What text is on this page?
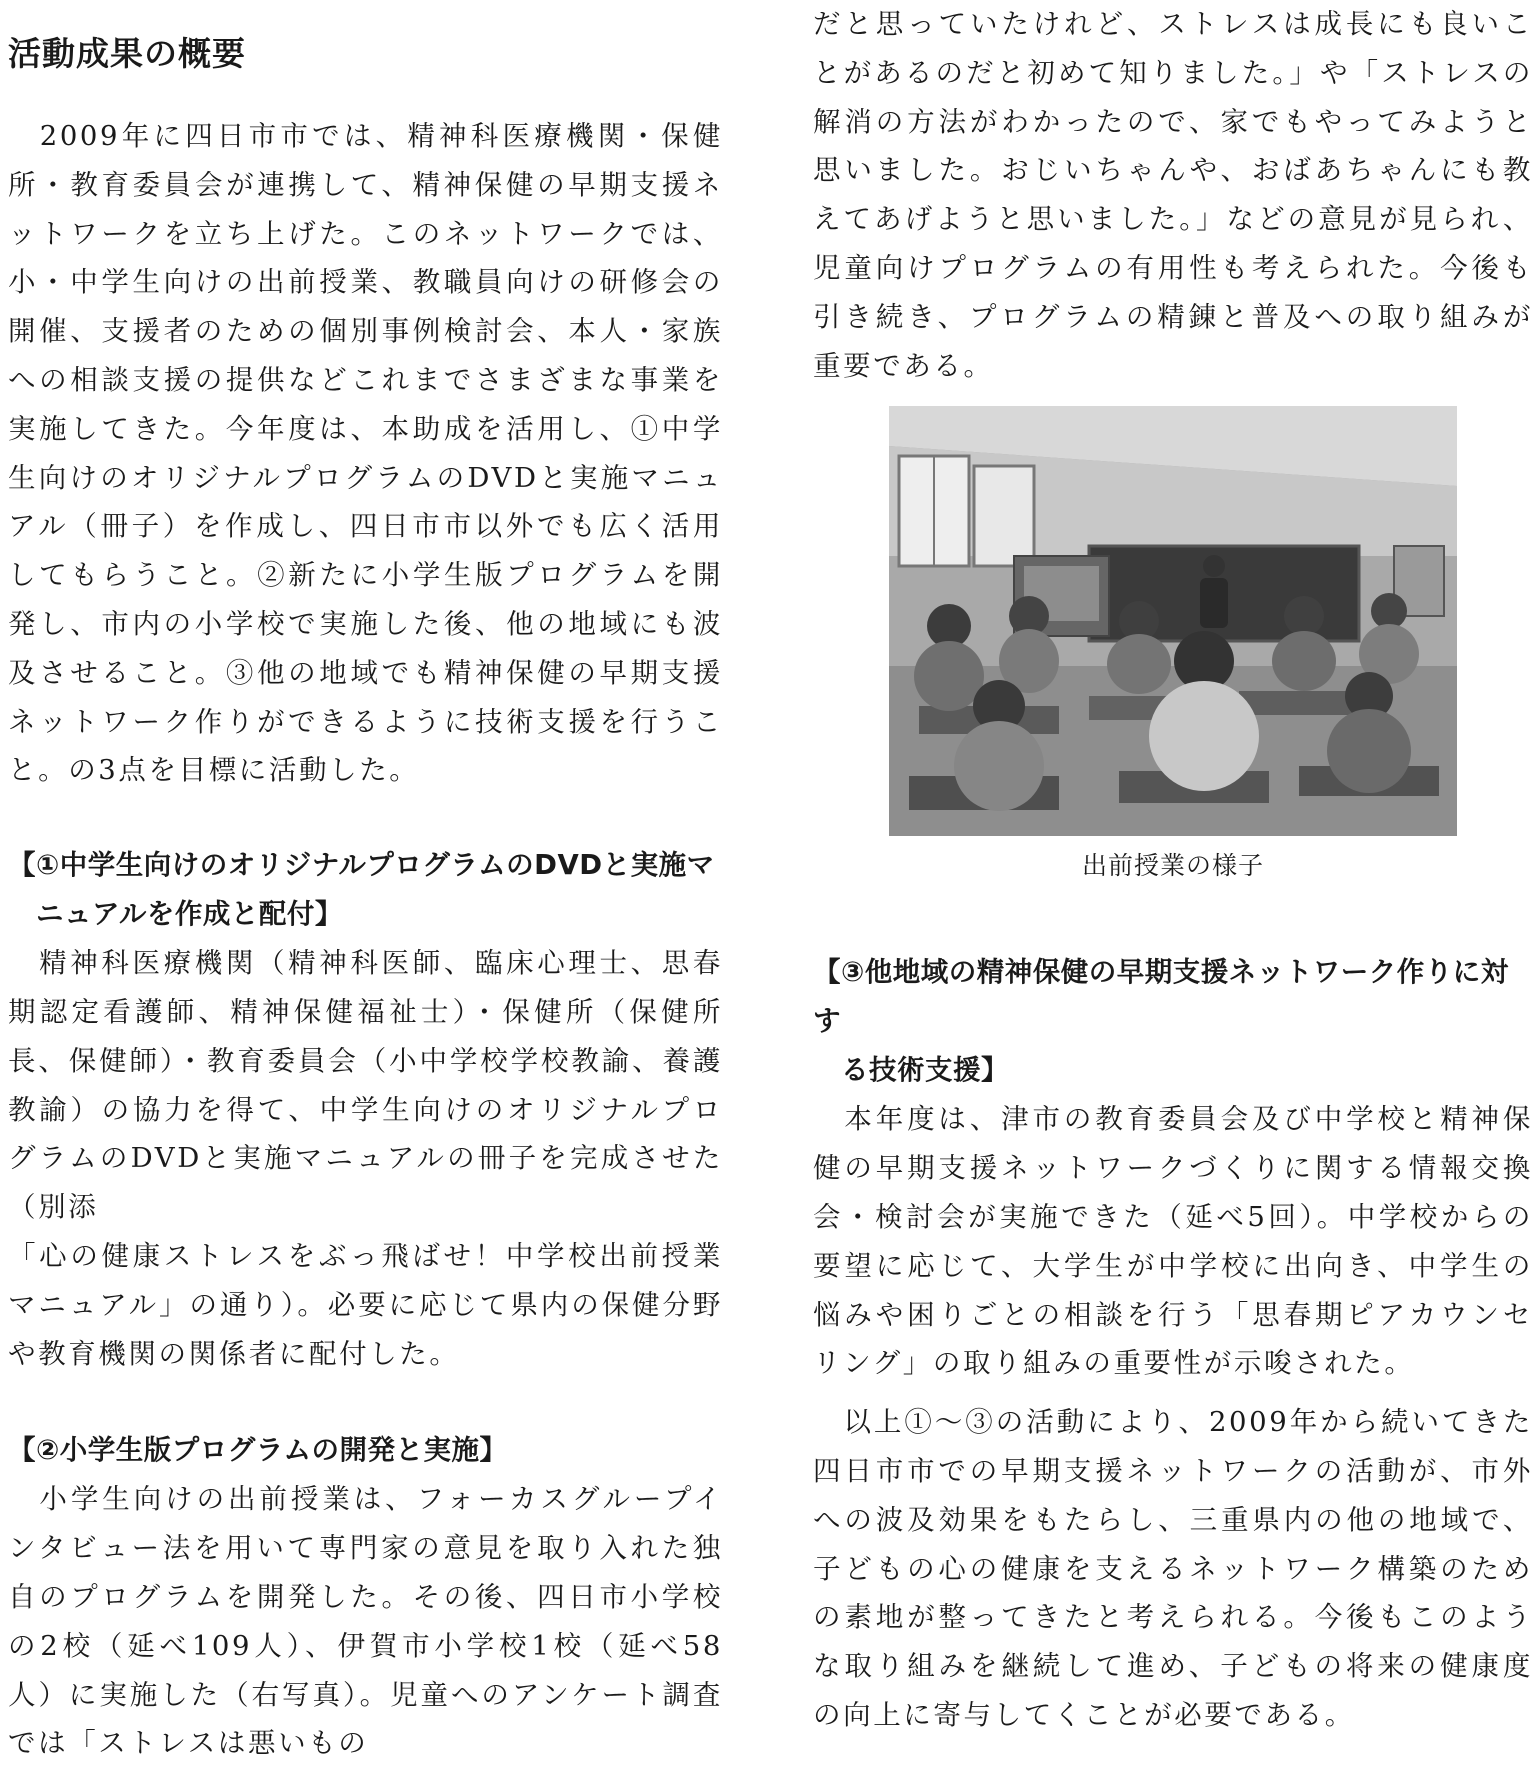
活動成果の概要

　2009年に四日市市では、精神科医療機関・保健所・教育委員会が連携して、精神保健の早期支援ネットワークを立ち上げた。このネットワークでは、小・中学生向けの出前授業、教職員向けの研修会の開催、支援者のための個別事例検討会、本人・家族への相談支援の提供などこれまでさまざまな事業を実施してきた。今年度は、本助成を活用し、①中学生向けのオリジナルプログラムのDVDと実施マニュアル（冊子）を作成し、四日市市以外でも広く活用してもらうこと。②新たに小学生版プログラムを開発し、市内の小学校で実施した後、他の地域にも波及させること。③他の地域でも精神保健の早期支援ネットワーク作りができるように技術支援を行うこと。の3点を目標に活動した。

【①中学生向けのオリジナルプログラムのDVDと実施マ
　ニュアルを作成と配付】

　精神科医療機関（精神科医師、臨床心理士、思春期認定看護師、精神保健福祉士）・保健所（保健所長、保健師）・教育委員会（小中学校学校教諭、養護教諭）の協力を得て、中学生向けのオリジナルプログラムのDVDと実施マニュアルの冊子を完成させた（別添
「心の健康ストレスをぶっ飛ばせ！中学校出前授業マニュアル」の通り）。必要に応じて県内の保健分野や教育機関の関係者に配付した。

【②小学生版プログラムの開発と実施】

　小学生向けの出前授業は、フォーカスグループインタビュー法を用いて専門家の意見を取り入れた独自のプログラムを開発した。その後、四日市小学校の2校（延べ109人）、伊賀市小学校1校（延べ58人）に実施した（右写真）。児童へのアンケート調査では「ストレスは悪いもの

だと思っていたけれど、ストレスは成長にも良いことがあるのだと初めて知りました。」や「ストレスの解消の方法がわかったので、家でもやってみようと思いました。おじいちゃんや、おばあちゃんにも教えてあげようと思いました。」などの意見が見られ、児童向けプログラムの有用性も考えられた。今後も引き続き、プログラムの精錬と普及への取り組みが重要である。

出前授業の様子
【③他地域の精神保健の早期支援ネットワーク作りに対す
　る技術支援】

　本年度は、津市の教育委員会及び中学校と精神保健の早期支援ネットワークづくりに関する情報交換会・検討会が実施できた（延べ5回）。中学校からの要望に応じて、大学生が中学校に出向き、中学生の悩みや困りごとの相談を行う「思春期ピアカウンセリング」の取り組みの重要性が示唆された。

　以上①～③の活動により、2009年から続いてきた四日市市での早期支援ネットワークの活動が、市外への波及効果をもたらし、三重県内の他の地域で、子どもの心の健康を支えるネットワーク構築のための素地が整ってきたと考えられる。今後もこのような取り組みを継続して進め、子どもの将来の健康度の向上に寄与してくことが必要である。
